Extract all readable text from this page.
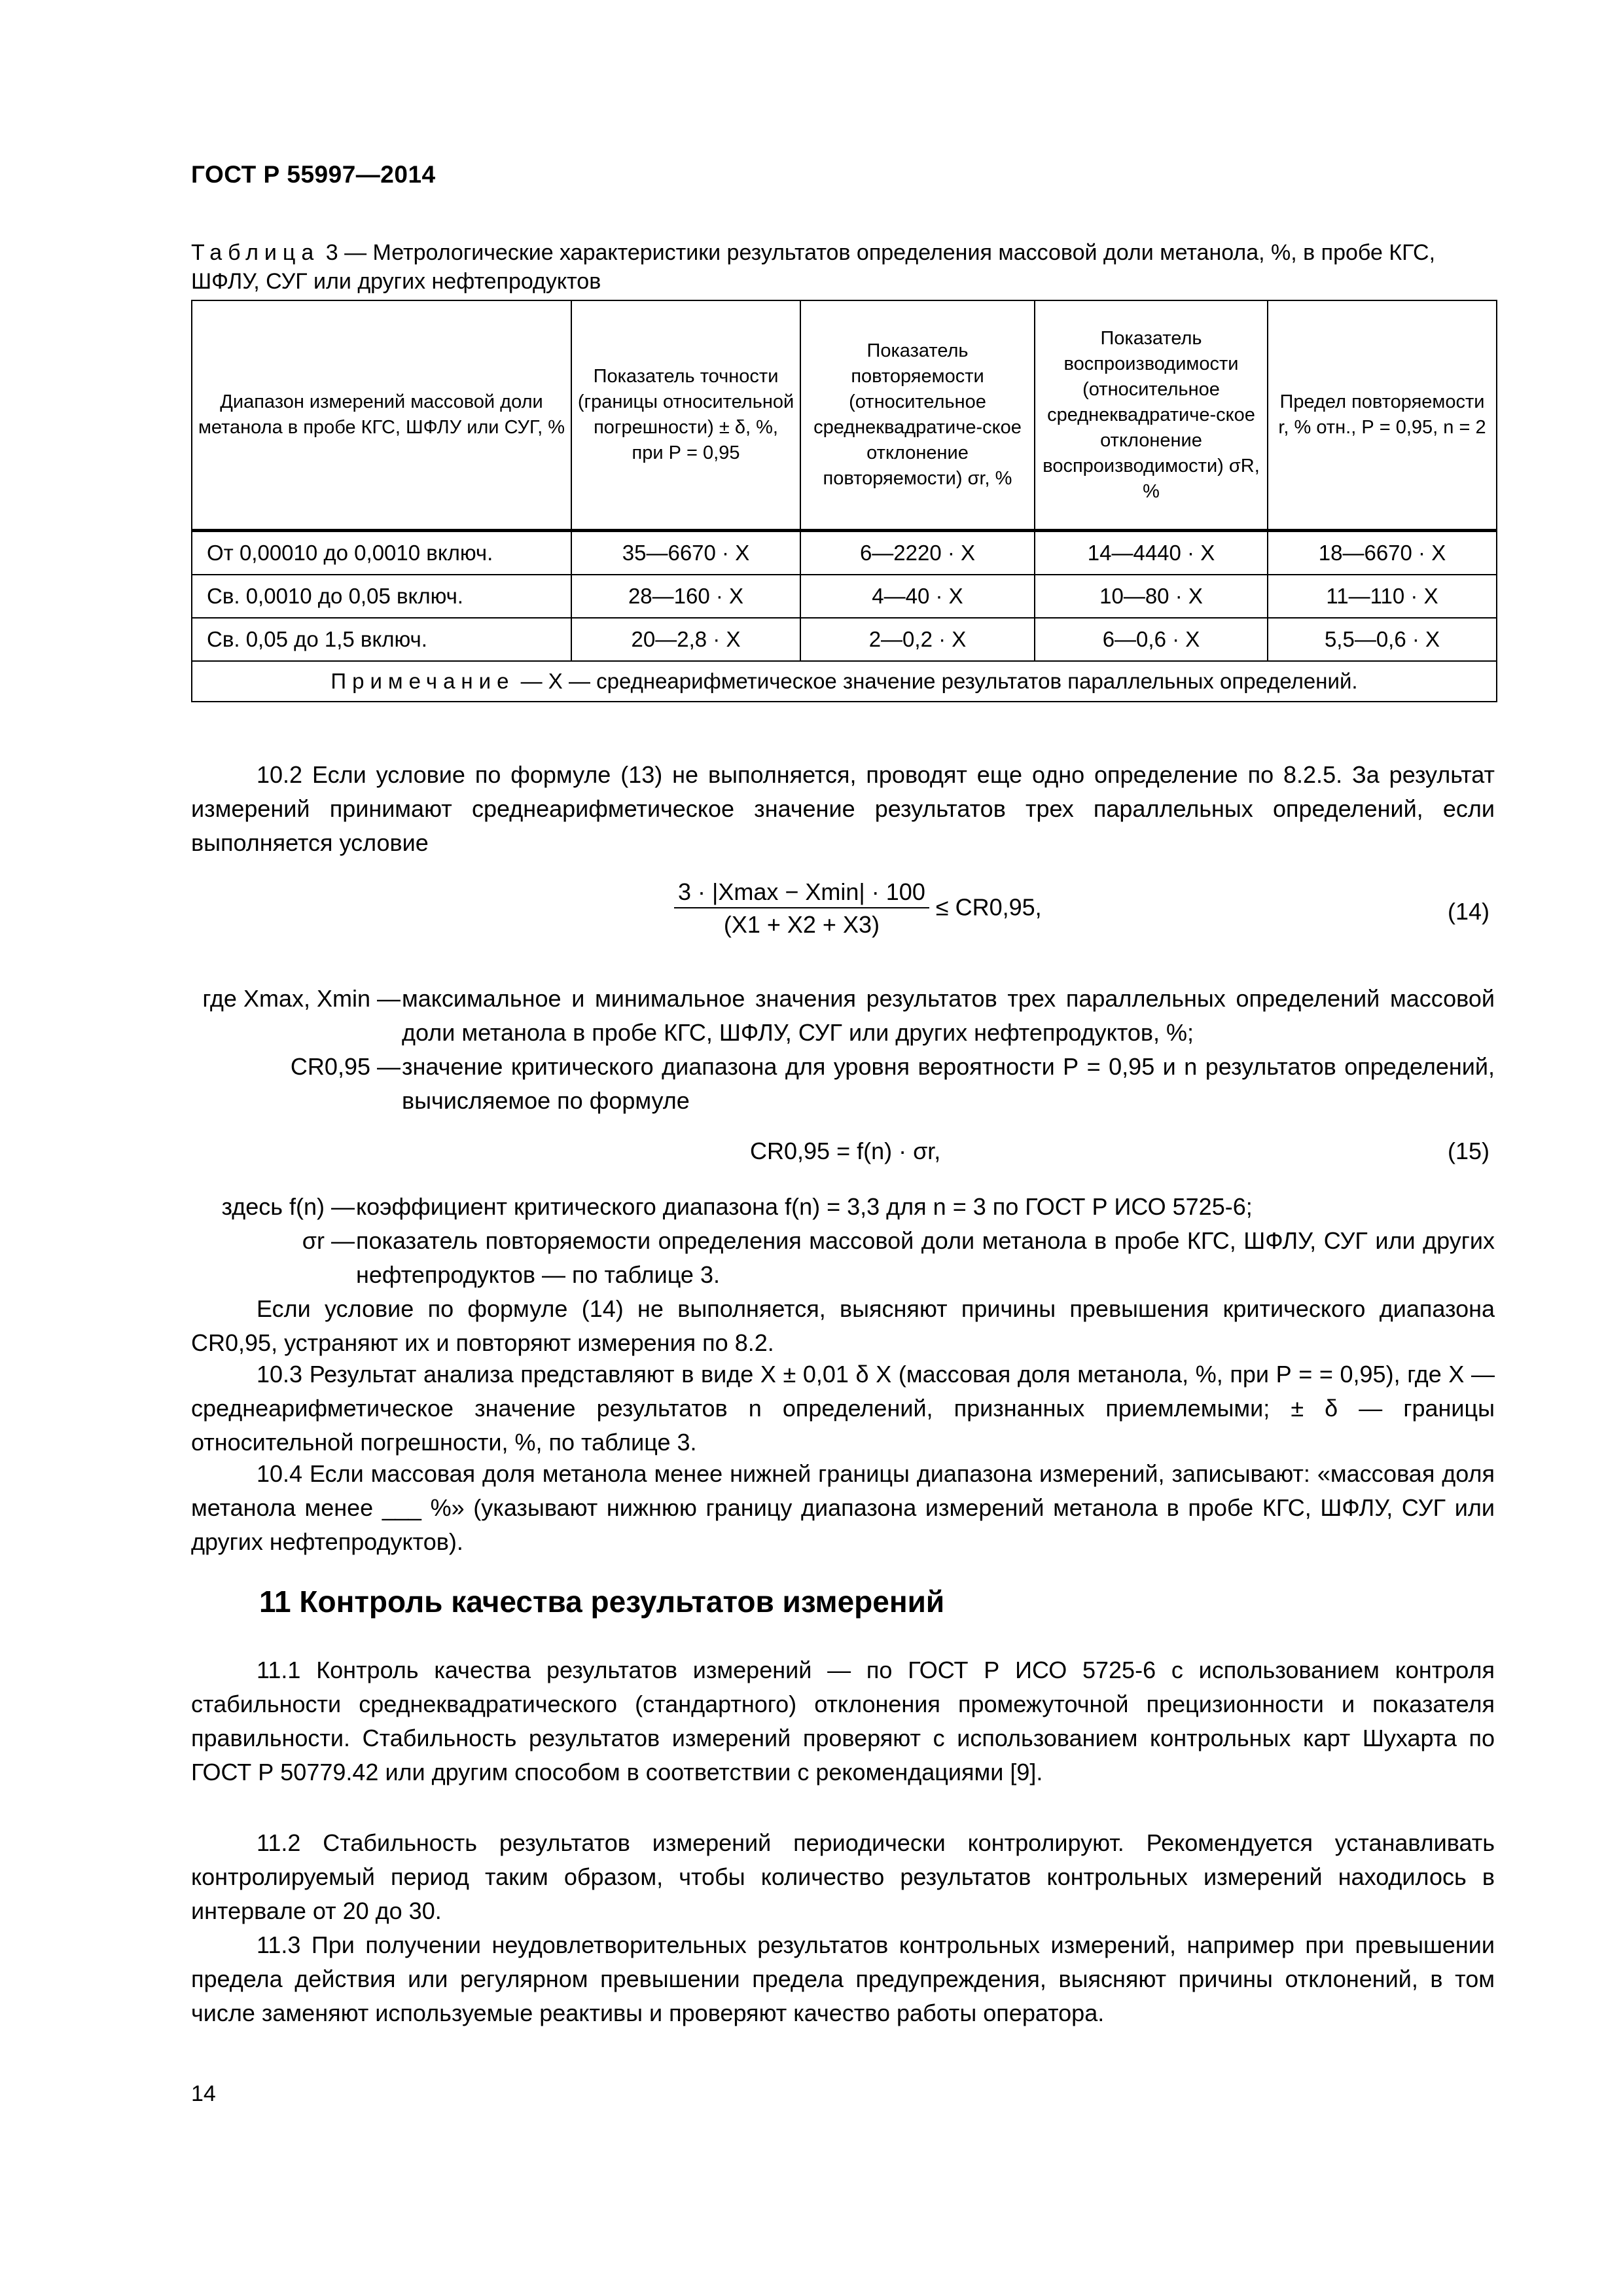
ГОСТ Р 55997—2014
Таблица 3 — Метрологические характеристики результатов определения массовой доли метанола, %, в пробе КГС, ШФЛУ, СУГ или других нефтепродуктов
Диапазон измерений массовой доли метанола в пробе КГС, ШФЛУ или СУГ, %	Показатель точности (границы относительной погрешности) ± δ, %, при Р = 0,95	Показатель повторяемости (относительное среднеквадратиче-ское отклонение повторяемости) σr, %	Показатель воспроизводимости (относительное среднеквадратиче-ское отклонение воспроизводимости) σR, %	Предел повторяемости r, % отн., Р = 0,95, n = 2
От 0,00010 до 0,0010 включ.	35—6670 · X	6—2220 · X	14—4440 · X	18—6670 · X
Св. 0,0010 до 0,05 включ.	28—160 · X	4—40 · X	10—80 · X	11—110 · X
Св. 0,05 до 1,5 включ.	20—2,8 · X	2—0,2 · X	6—0,6 · X	5,5—0,6 · X
Примечание — X — среднеарифметическое значение результатов параллельных определений.				
10.2 Если условие по формуле (13) не выполняется, проводят еще одно определение по 8.2.5. За результат измерений принимают среднеарифметическое значение результатов трех параллельных определений, если выполняется условие
$\frac{3 \cdot |Xmax - Xmin| \cdot 100}{(X1 + X2 + X3)} \le CR0,95$,	(14)
где Xmax, Xmin — максимальное и минимальное значения результатов трех параллельных определений массовой доли метанола в пробе КГС, ШФЛУ, СУГ или других нефтепродуктов, %;
CR0,95 — значение критического диапазона для уровня вероятности Р = 0,95 и n результатов определений, вычисляемое по формуле
CR0,95 = f(n) · σr,	(15)
здесь f(n) — коэффициент критического диапазона f(n) = 3,3 для n = 3 по ГОСТ Р ИСО 5725-6;
σr — показатель повторяемости определения массовой доли метанола в пробе КГС, ШФЛУ, СУГ или других нефтепродуктов — по таблице 3.
Если условие по формуле (14) не выполняется, выясняют причины превышения критического диапазона CR0,95, устраняют их и повторяют измерения по 8.2.
10.3 Результат анализа представляют в виде X ± 0,01 δ X (массовая доля метанола, %, при Р = = 0,95), где X — среднеарифметическое значение результатов n определений, признанных приемлемыми; ± δ — границы относительной погрешности, %, по таблице 3.
10.4 Если массовая доля метанола менее нижней границы диапазона измерений, записывают: «массовая доля метанола менее ___ %» (указывают нижнюю границу диапазона измерений метанола в пробе КГС, ШФЛУ, СУГ или других нефтепродуктов).
11 Контроль качества результатов измерений
11.1 Контроль качества результатов измерений — по ГОСТ Р ИСО 5725-6 с использованием контроля стабильности среднеквадратического (стандартного) отклонения промежуточной прецизионности и показателя правильности. Стабильность результатов измерений проверяют с использованием контрольных карт Шухарта по ГОСТ Р 50779.42 или другим способом в соответствии с рекомендациями [9].
11.2 Стабильность результатов измерений периодически контролируют. Рекомендуется устанавливать контролируемый период таким образом, чтобы количество результатов контрольных измерений находилось в интервале от 20 до 30.
11.3 При получении неудовлетворительных результатов контрольных измерений, например при превышении предела действия или регулярном превышении предела предупреждения, выясняют причины отклонений, в том числе заменяют используемые реактивы и проверяют качество работы оператора.
14
